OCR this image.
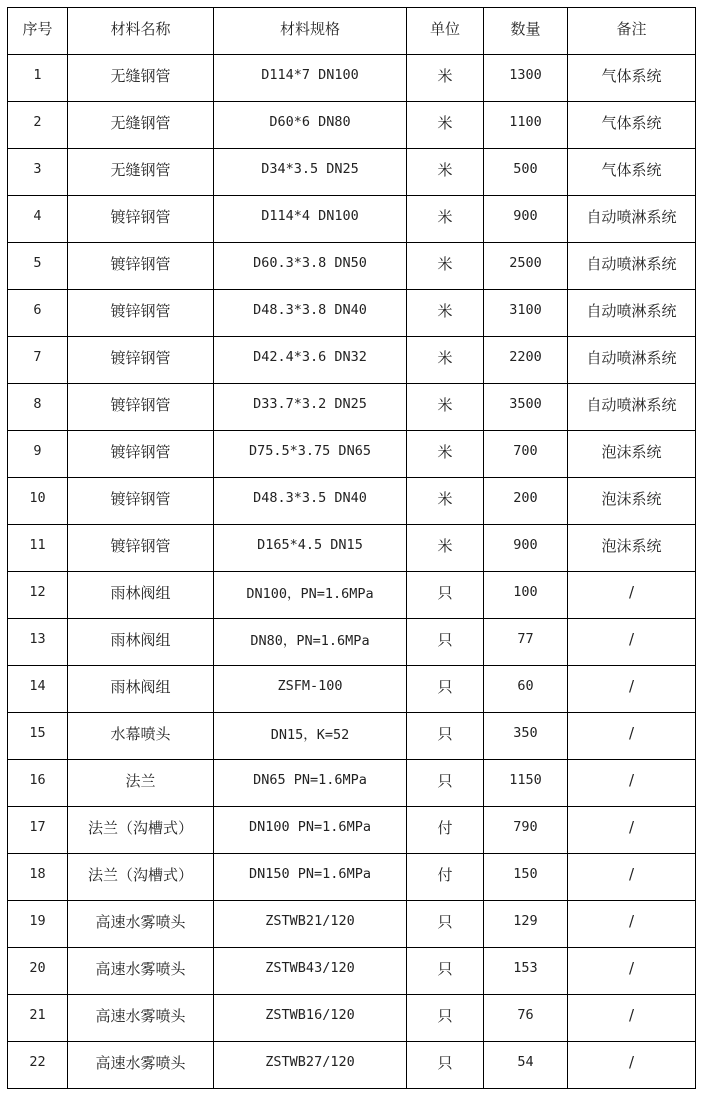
序号	材料名称	材料规格	单位	数量	备注
1	无缝钢管	D114*7 DN100	米	1300	气体系统
2	无缝钢管	D60*6 DN80	米	1100	气体系统
3	无缝钢管	D34*3.5 DN25	米	500	气体系统
4	镀锌钢管	D114*4 DN100	米	900	自动喷淋系统
5	镀锌钢管	D60.3*3.8 DN50	米	2500	自动喷淋系统
6	镀锌钢管	D48.3*3.8 DN40	米	3100	自动喷淋系统
7	镀锌钢管	D42.4*3.6 DN32	米	2200	自动喷淋系统
8	镀锌钢管	D33.7*3.2 DN25	米	3500	自动喷淋系统
9	镀锌钢管	D75.5*3.75 DN65	米	700	泡沫系统
10	镀锌钢管	D48.3*3.5 DN40	米	200	泡沫系统
11	镀锌钢管	D165*4.5 DN15	米	900	泡沫系统
12	雨林阀组	DN100，PN=1.6MPa	只	100	/
13	雨林阀组	DN80，PN=1.6MPa	只	77	/
14	雨林阀组	ZSFM-100	只	60	/
15	水幕喷头	DN15，K=52	只	350	/
16	法兰	DN65 PN=1.6MPa	只	1150	/
17	法兰（沟槽式）	DN100 PN=1.6MPa	付	790	/
18	法兰（沟槽式）	DN150 PN=1.6MPa	付	150	/
19	高速水雾喷头	ZSTWB21/120	只	129	/
20	高速水雾喷头	ZSTWB43/120	只	153	/
21	高速水雾喷头	ZSTWB16/120	只	76	/
22	高速水雾喷头	ZSTWB27/120	只	54	/
